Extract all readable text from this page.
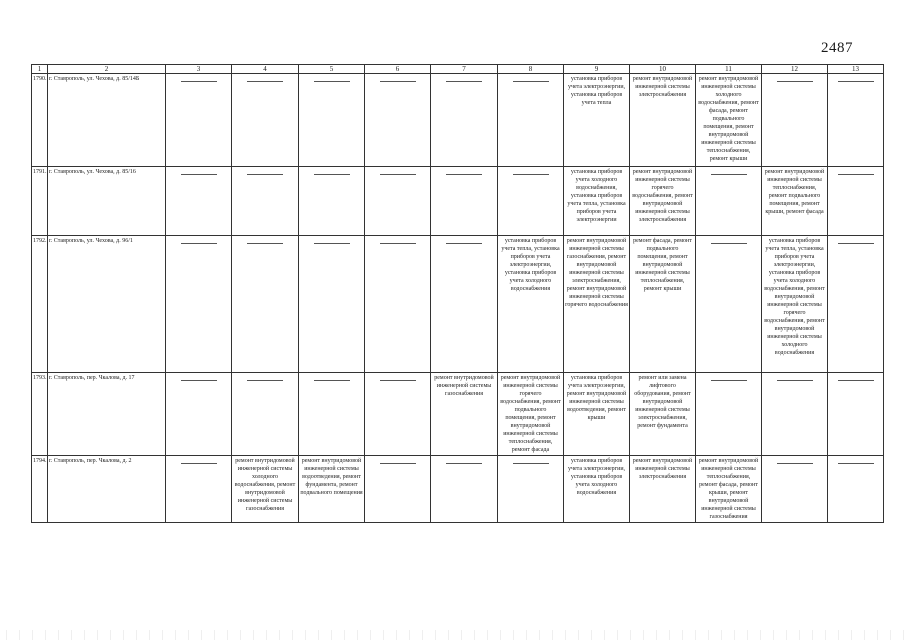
2487
1	2	3	4	5	6	7	8	9	10	11	12	13
1790.	г. Ставрополь, ул. Чехова, д. 85/14Б							установка приборов учета электроэнергии, установка приборов учета тепла	ремонт внутридомовой инженерной системы электроснабжения	ремонт внутридомовой инженерной системы холодного водоснабжения, ремонт фасада, ремонт подвального помещения, ремонт внутридомовой инженерной системы теплоснабжения, ремонт крыши	

1791.	г. Ставрополь, ул. Чехова, д. 85/16							установка приборов учета холодного водоснабжения, установка приборов учета тепла, установка приборов учета электроэнергии	ремонт внутридомовой инженерной системы горячего водоснабжения, ремонт внутридомовой инженерной системы электроснабжения		ремонт внутридомовой инженерной системы теплоснабжения, ремонт подвального помещения, ремонт крыши, ремонт фасада	

1792.	г. Ставрополь, ул. Чехова, д. 96/1						установка приборов учета тепла, установка приборов учета электроэнергии, установка приборов учета холодного водоснабжения	ремонт внутридомовой инженерной системы газоснабжения, ремонт внутридомовой инженерной системы электроснабжения, ремонт внутридомовой инженерной системы горячего водоснабжения	ремонт фасада, ремонт подвального помещения, ремонт внутридомовой инженерной системы теплоснабжения, ремонт крыши		установка приборов учета тепла, установка приборов учета электроэнергии, установка приборов учета холодного водоснабжения, ремонт внутридомовой инженерной системы горячего водоснабжения, ремонт внутридомовой инженерной системы холодного водоснабжения	

1793.	г. Ставрополь, пер. Чкалова, д. 17					ремонт внутридомовой инженерной системы газоснабжения	ремонт внутридомовой инженерной системы горячего водоснабжения, ремонт подвального помещения, ремонт внутридомовой инженерной системы теплоснабжения, ремонт фасада	установка приборов учета электроэнергии, ремонт внутридомовой инженерной системы водоотведения, ремонт крыши	ремонт или замена лифтового оборудования, ремонт внутридомовой инженерной системы электроснабжения, ремонт фундамента	

1794.	г. Ставрополь, пер. Чкалова, д. 2		ремонт внутридомовой инженерной системы холодного водоснабжения, ремонт внутридомовой инженерной системы газоснабжения	ремонт внутридомовой инженерной системы водоотведения, ремонт фундамента, ремонт подвального помещения				установка приборов учета электроэнергии, установка приборов учета холодного водоснабжения	ремонт внутридомовой инженерной системы электроснабжения	ремонт внутридомовой инженерной системы теплоснабжения, ремонт фасада, ремонт крыши, ремонт внутридомовой инженерной системы газоснабжения	
